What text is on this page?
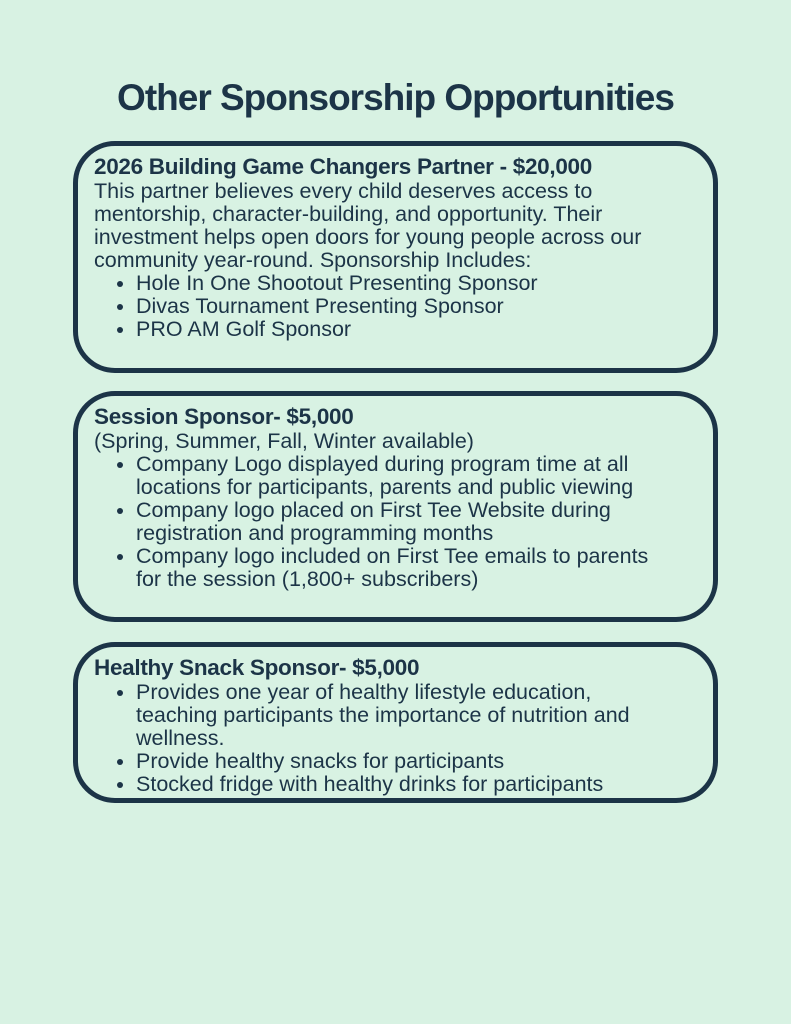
Other Sponsorship Opportunities
2026 Building Game Changers Partner - $20,000

This partner believes every child deserves access to mentorship, character-building, and opportunity. Their investment helps open doors for young people across our community year-round. Sponsorship Includes:

• Hole In One Shootout Presenting Sponsor
• Divas Tournament Presenting Sponsor
• PRO AM Golf Sponsor
Session Sponsor- $5,000

(Spring, Summer, Fall, Winter available)

• Company Logo displayed during program time at all locations for participants, parents and public viewing
• Company logo placed on First Tee Website during registration and programming months
• Company logo included on First Tee emails to parents for the session (1,800+ subscribers)
Healthy Snack Sponsor- $5,000
• Provides one year of healthy lifestyle education, teaching participants the importance of nutrition and wellness.
• Provide healthy snacks for participants
• Stocked fridge with healthy drinks for participants
